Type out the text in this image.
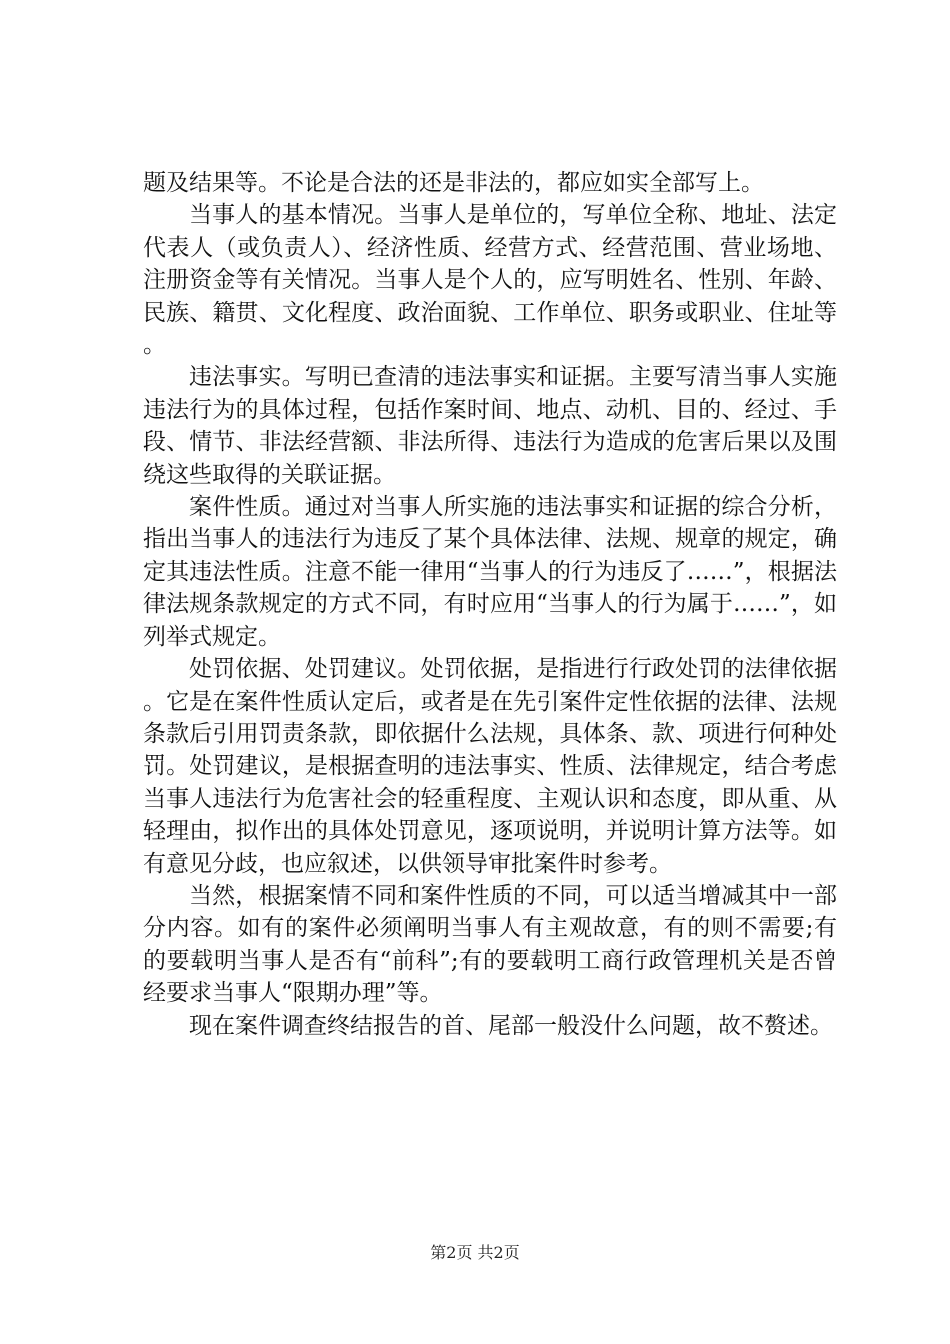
题及结果等。不论是合法的还是非法的，都应如实全部写上。

当事人的基本情况。当事人是单位的，写单位全称、地址、法定代表人（或负责人）、经济性质、经营方式、经营范围、营业场地、注册资金等有关情况。当事人是个人的，应写明姓名、性别、年龄、民族、籍贯、文化程度、政治面貌、工作单位、职务或职业、住址等。

违法事实。写明已查清的违法事实和证据。主要写清当事人实施违法行为的具体过程，包括作案时间、地点、动机、目的、经过、手段、情节、非法经营额、非法所得、违法行为造成的危害后果以及围绕这些取得的关联证据。

案件性质。通过对当事人所实施的违法事实和证据的综合分析，指出当事人的违法行为违反了某个具体法律、法规、规章的规定，确定其违法性质。注意不能一律用“当事人的行为违反了……”，根据法律法规条款规定的方式不同，有时应用“当事人的行为属于……”，如列举式规定。

处罚依据、处罚建议。处罚依据，是指进行行政处罚的法律依据。它是在案件性质认定后，或者是在先引案件定性依据的法律、法规条款后引用罚责条款，即依据什么法规，具体条、款、项进行何种处罚。处罚建议，是根据查明的违法事实、性质、法律规定，结合考虑当事人违法行为危害社会的轻重程度、主观认识和态度，即从重、从轻理由，拟作出的具体处罚意见，逐项说明，并说明计算方法等。如有意见分歧，也应叙述，以供领导审批案件时参考。

当然，根据案情不同和案件性质的不同，可以适当增减其中一部分内容。如有的案件必须阐明当事人有主观故意，有的则不需要;有的要载明当事人是否有“前科”;有的要载明工商行政管理机关是否曾经要求当事人“限期办理”等。

现在案件调查终结报告的首、尾部一般没什么问题，故不赘述。

第2页 共2页
